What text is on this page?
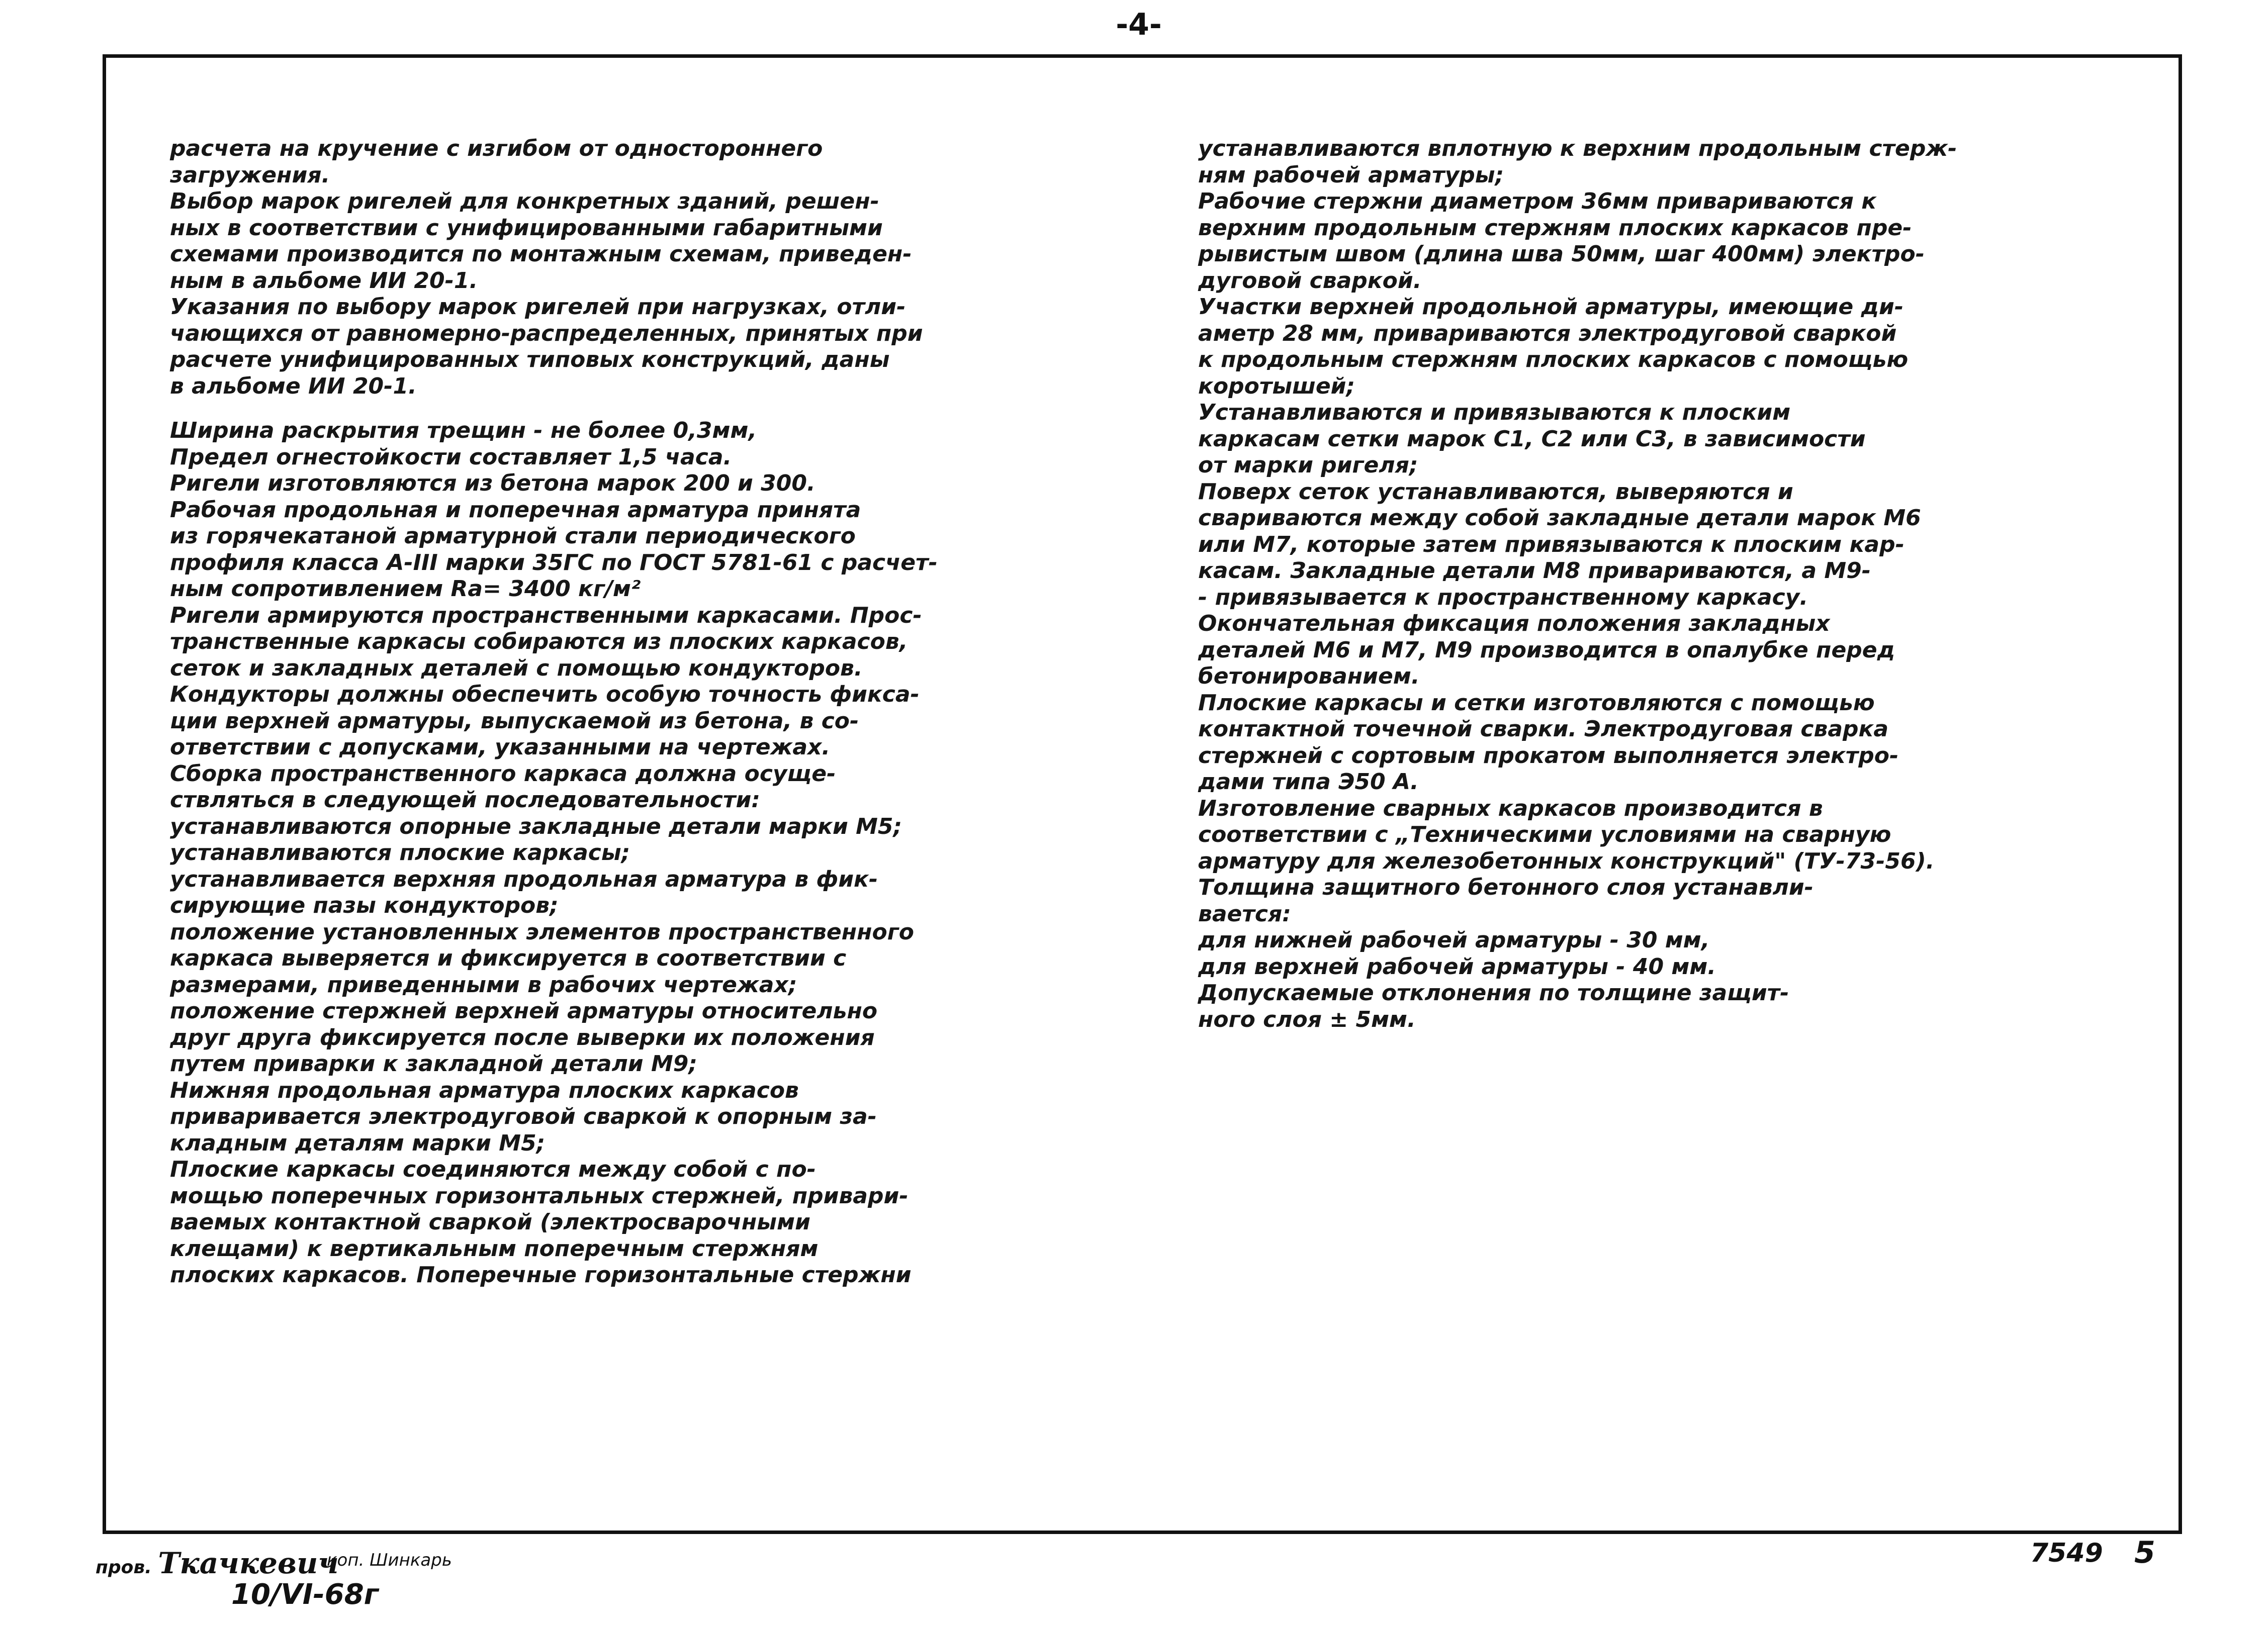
-4-
расчета на кручение с изгибом от одностороннего
загружения.
Выбор марок ригелей для конкретных зданий, решен-
ных в соответствии с унифицированными габаритными
схемами производится по монтажным схемам, приведен-
ным в альбоме ИИ 20-1.
Указания по выбору марок ригелей при нагрузках, отли-
чающихся от равномерно-распределенных, принятых при
расчете унифицированных типовых конструкций, даны
в альбоме ИИ 20-1.
Ширина раскрытия трещин - не более 0,3мм,
Предел огнестойкости составляет 1,5 часа.
Ригели изготовляются из бетона марок 200 и 300.
Рабочая продольная и поперечная арматура принята
из горячекатаной арматурной стали периодического
профиля класса А-III марки 35ГС по ГОСТ 5781-61 с расчет-
ным сопротивлением Ra= 3400 кг/м²
Ригели армируются пространственными каркасами. Прос-
транственные каркасы собираются из плоских каркасов,
сеток и закладных деталей с помощью кондукторов.
Кондукторы должны обеспечить особую точность фикса-
ции верхней арматуры, выпускаемой из бетона, в со-
ответствии с допусками, указанными на чертежах.
Сборка пространственного каркаса должна осуще-
ствляться в следующей последовательности:
устанавливаются опорные закладные детали марки М5;
устанавливаются плоские каркасы;
устанавливается верхняя продольная арматура в фик-
сирующие пазы кондукторов;
положение установленных элементов пространственного
каркаса выверяется и фиксируется в соответствии с
размерами, приведенными в рабочих чертежах;
положение стержней верхней арматуры относительно
друг друга фиксируется после выверки их положения
путем приварки к закладной детали М9;
Нижняя продольная арматура плоских каркасов
приваривается электродуговой сваркой к опорным за-
кладным деталям марки М5;
Плоские каркасы соединяются между собой с по-
мощью поперечных горизонтальных стержней, привари-
ваемых контактной сваркой (электросварочными
клещами) к вертикальным поперечным стержням
плоских каркасов. Поперечные горизонтальные стержни
устанавливаются вплотную к верхним продольным стерж-
ням рабочей арматуры;
Рабочие стержни диаметром 36мм привариваются к
верхним продольным стержням плоских каркасов пре-
рывистым швом (длина шва 50мм, шаг 400мм) электро-
дуговой сваркой.
Участки верхней продольной арматуры, имеющие ди-
аметр 28 мм, привариваются электродуговой сваркой
к продольным стержням плоских каркасов с помощью
коротышей;
Устанавливаются и привязываются к плоским
каркасам сетки марок С1, С2 или С3, в зависимости
от марки ригеля;
Поверх сеток устанавливаются, выверяются и
свариваются между собой закладные детали марок М6
или М7, которые затем привязываются к плоским кар-
касам. Закладные детали М8 привариваются, а М9-
- привязывается к пространственному каркасу.
Окончательная фиксация положения закладных
деталей М6 и М7, М9 производится в опалубке перед
бетонированием.
Плоские каркасы и сетки изготовляются с помощью
контактной точечной сварки. Электродуговая сварка
стержней с сортовым прокатом выполняется электро-
дами типа Э50 А.
Изготовление сварных каркасов производится в
соответствии с „Техническими условиями на сварную
арматуру для железобетонных конструкций" (ТУ-73-56).
Толщина защитного бетонного слоя устанавли-
вается:
для нижней рабочей арматуры - 30 мм,
для верхней рабочей арматуры - 40 мм.
Допускаемые отклонения по толщине защит-
ного слоя ± 5мм.
пров. Ткачкевич
коп. Шинкарь
10/VI-68г
7549 5
